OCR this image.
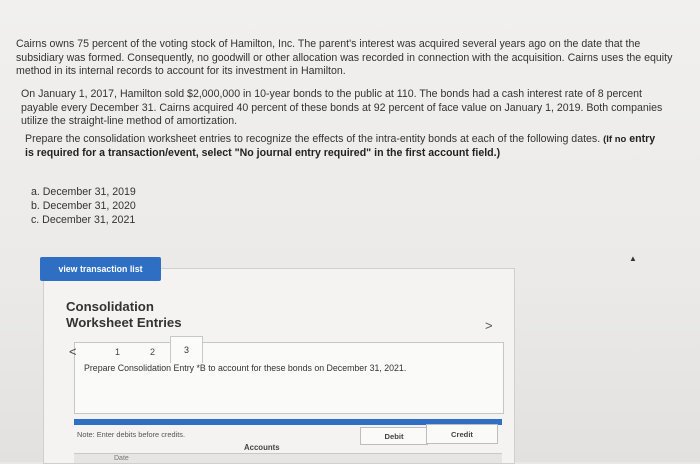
Cairns owns 75 percent of the voting stock of Hamilton, Inc. The parent's interest was acquired several years ago on the date that the subsidiary was formed. Consequently, no goodwill or other allocation was recorded in connection with the acquisition. Cairns uses the equity method in its internal records to account for its investment in Hamilton.
On January 1, 2017, Hamilton sold $2,000,000 in 10-year bonds to the public at 110. The bonds had a cash interest rate of 8 percent payable every December 31. Cairns acquired 40 percent of these bonds at 92 percent of face value on January 1, 2019. Both companies utilize the straight-line method of amortization.
Prepare the consolidation worksheet entries to recognize the effects of the intra-entity bonds at each of the following dates. (If no entry is required for a transaction/event, select "No journal entry required" in the first account field.)
a. December 31, 2019
b. December 31, 2020
c. December 31, 2021
view transaction list
▲
Consolidation Worksheet Entries	>
<	1	2	3
Prepare Consolidation Entry *B to account for these bonds on December 31, 2021.
Note: Enter debits before credits.	Debit	Credit
Accounts
Date
